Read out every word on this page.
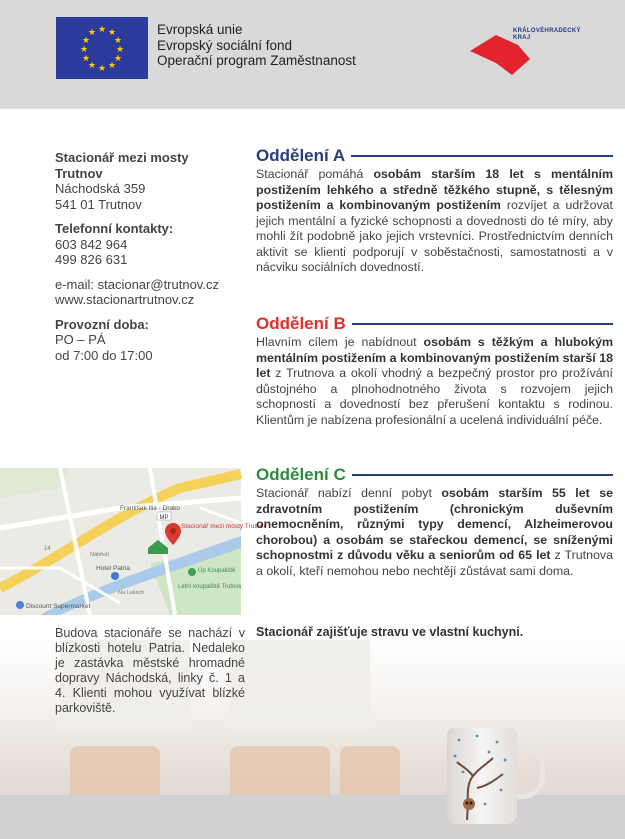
★ ★
★
★
★
★
★
★
★
★
★
★	Evropská unie
Evropský sociální fond
Operační program Zaměstnanost
KRÁLOVÉHRADECKÝ
KRAJ
Stacionář mezi mosty
Trutnov
Náchodská 359
541 01 Trutnov
Telefonní kontakty:
603 842 964
499 826 631
e-mail: stacionar@trutnov.cz
www.stacionartrutnov.cz
Provozní doba:
PO – PÁ
od 7:00 do 17:00
MP
František Ilia - Drako
Stacionář mezi mosty Trutnov
Hotel Patria
Discount Supermarket
Úp Koupaliště
Letní koupaliště Trutnov
Na Lukách
Nábřeží
14
Budova stacionáře se nachází v blízkosti hotelu Patria. Nedaleko je zastávka městské hromadné dopravy Náchodská, linky č. 1 a 4. Klienti mohou využívat blízké parkoviště.
Oddělení A
Stacionář pomáhá osobám starším 18 let s mentálním postižením lehkého a středně těžkého stupně, s tělesným postižením a kombinovaným postižením rozvíjet a udržovat jejich mentální a fyzické schopnosti a dovednosti do té míry, aby mohli žít podobně jako jejich vrstevníci. Prostřednictvím denních aktivit se klienti podporují v soběstačnosti, samostatnosti a v nácviku sociálních dovedností.
Oddělení B
Hlavním cílem je nabídnout osobám s těžkým a hlubokým mentálním postižením a kombinovaným postižením starší 18 let z Trutnova a okolí vhodný a bezpečný prostor pro prožívání důstojného a plnohodnotného života s rozvojem jejich schopností a dovedností bez přerušení kontaktu s rodinou. Klientům je nabízena profesionální a ucelená individuální péče.
Oddělení C
Stacionář nabízí denní pobyt osobám starším 55 let se zdravotním postižením (chronickým duševním onemocněním, různými typy demencí, Alzheimerovou chorobou) a osobám se stařeckou demencí, se sníženými schopnostmi z důvodu věku a seniorům od 65 let z Trutnova a okolí, kteří nemohou nebo nechtějí zůstávat sami doma.
Stacionář zajišťuje stravu ve vlastní kuchyni.
